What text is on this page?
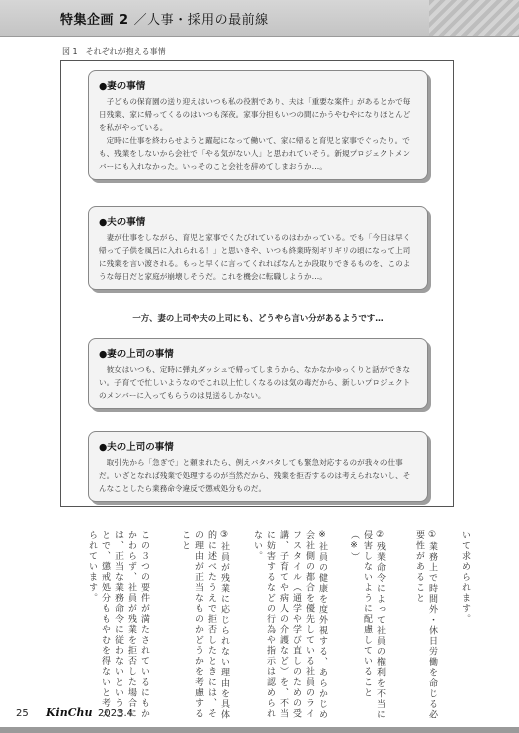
特集企画 2 ／人事・採用の最前線
図 1　それぞれが抱える事情
●妻の事情

子どもの保育園の送り迎えはいつも私の役割であり、夫は「重要な案件」があるとかで毎日残業、家に帰ってくるのはいつも深夜。家事分担もいつの間にかうやむやになりほとんどを私がやっている。

定時に仕事を終わらせようと躍起になって働いて、家に帰ると育児と家事でぐったり。でも、残業をしないから会社で「やる気がない人」と思われていそう。新規プロジェクトメンバーにも入れなかった。いっそのこと会社を辞めてしまおうか…。

●夫の事情

妻が仕事をしながら、育児と家事でくたびれているのはわかっている。でも「今日は早く帰って子供を風呂に入れられる！」と思いきや、いつも終業時刻ギリギリの頃になって上司に残業を言い渡される。もっと早くに言ってくれればなんとか段取りできるものを、このような毎日だと家庭が崩壊しそうだ。これを機会に転職しようか…。

一方、妻の上司や夫の上司にも、どうやら言い分があるようです…
●妻の上司の事情

彼女はいつも、定時に弾丸ダッシュで帰ってしまうから、なかなかゆっくりと話ができない。子育てで忙しいようなのでこれ以上忙しくなるのは気の毒だから、新しいプロジェクトのメンバーに入ってもらうのは見送るしかない。

●夫の上司の事情

取引先から「急ぎで」と頼まれたら、例えバタバタしても緊急対応するのが我々の仕事だ。いざとなれば残業で処理するのが当然だから、残業を拒否するのは考えられないし、そんなことしたら業務命令違反で懲戒処分ものだ。

いて求められます。
①業務上で時間外・休日労働を命じる必要性があること
②残業命令によって社員の権利を不当に侵害しないように配慮していること（※）
※社員の健康を度外視する、あらかじめ会社側の都合を優先している社員のライフスタイル（通学や学び直しのための受講、子育てや病人の介護など）を、不当に妨害するなどの行為や指示は認められない。
③社員が残業に応じられない理由を具体的に述べたうえで拒否したときには、その理由が正当なものかどうかを考慮すること
この３つの要件が満たされているにもかかわらず、社員が残業を拒否した場合には、正当な業務命令に従わないということで、懲戒処分ももやむを得ないと考えられています。
25 KinChu 2023.4
